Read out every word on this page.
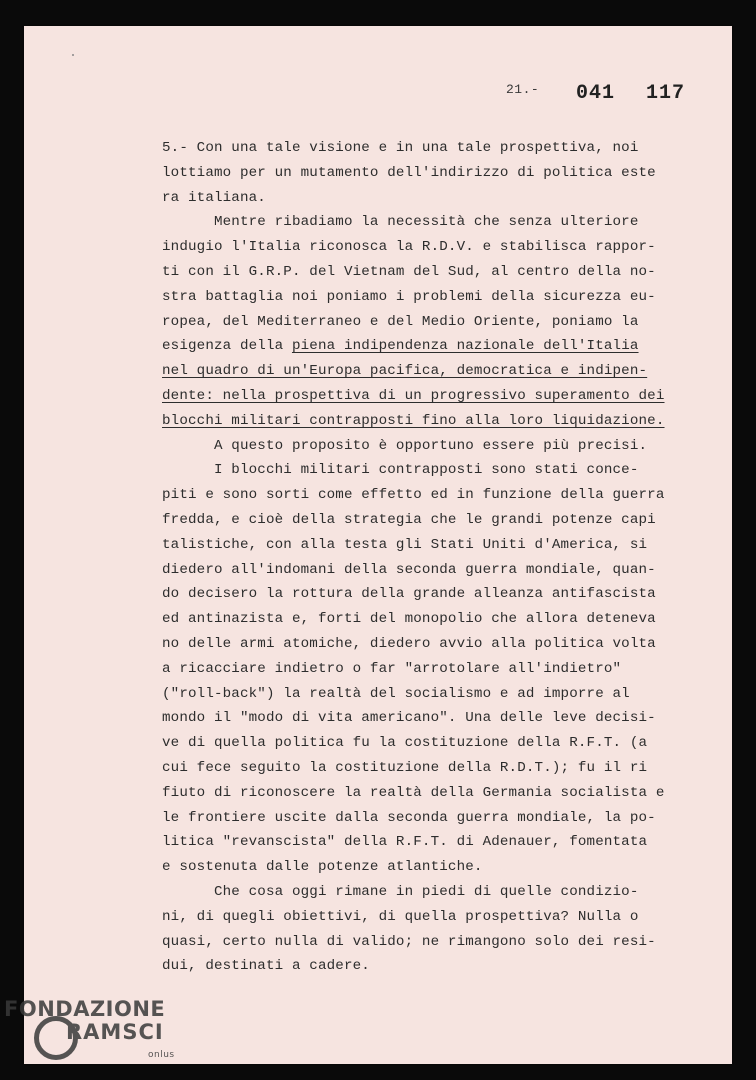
21.- 041 117
5.- Con una tale visione e in una tale prospettiva, noi
lottiamo per un mutamento dell'indirizzo di politica este
ra italiana.
Mentre ribadiamo la necessità che senza ulteriore
indugio l'Italia riconosca la R.D.V. e stabilisca rappor-
ti con il G.R.P. del Vietnam del Sud, al centro della no-
stra battaglia noi poniamo i problemi della sicurezza eu-
ropea, del Mediterraneo e del Medio Oriente, poniamo la
esigenza della piena indipendenza nazionale dell'Italia
nel quadro di un'Europa pacifica, democratica e indipen-
dente: nella prospettiva di un progressivo superamento dei
blocchi militari contrapposti fino alla loro liquidazione.
A questo proposito è opportuno essere più precisi.
I blocchi militari contrapposti sono stati conce-
piti e sono sorti come effetto ed in funzione della guerra
fredda, e cioè della strategia che le grandi potenze capi
talistiche, con alla testa gli Stati Uniti d'America, si
diedero all'indomani della seconda guerra mondiale, quan-
do decisero la rottura della grande alleanza antifascista
ed antinazista e, forti del monopolio che allora deteneva
no delle armi atomiche, diedero avvio alla politica volta
a ricacciare indietro o far "arrotolare all'indietro"
("roll-back") la realtà del socialismo e ad imporre al
mondo il "modo di vita americano". Una delle leve decisi-
ve di quella politica fu la costituzione della R.F.T. (a
cui fece seguito la costituzione della R.D.T.); fu il ri
fiuto di riconoscere la realtà della Germania socialista e
le frontiere uscite dalla seconda guerra mondiale, la po-
litica "revanscista" della R.F.T. di Adenauer, fomentata
e sostenuta dalle potenze atlantiche.
Che cosa oggi rimane in piedi di quelle condizio-
ni, di quegli obiettivi, di quella prospettiva? Nulla o
quasi, certo nulla di valido; ne rimangono solo dei resi-
dui, destinati a cadere.
FONDAZIONE
RAMSCI
onlus
